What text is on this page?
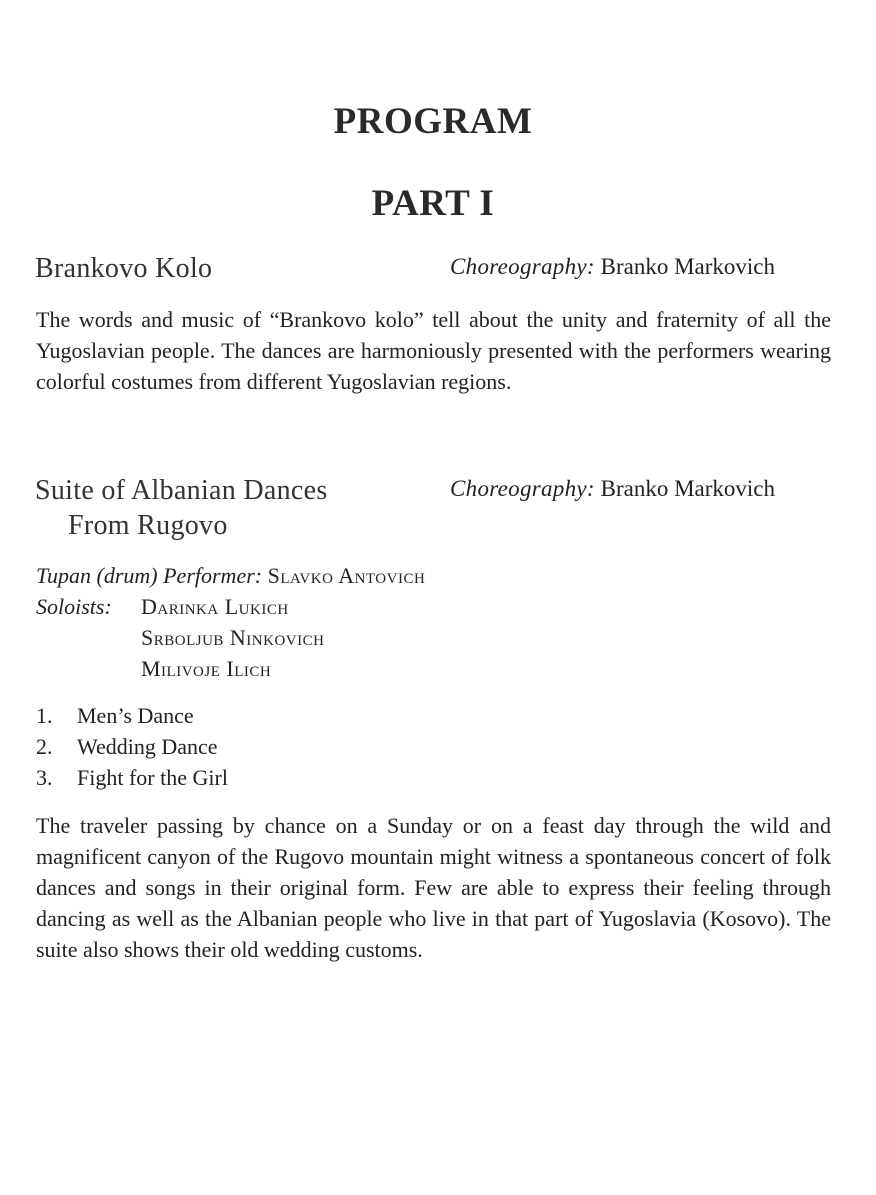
PROGRAM
PART I
Brankovo Kolo	Choreography: Branko Markovich
The words and music of “Brankovo kolo” tell about the unity and fraternity of all the Yugoslavian people. The dances are harmoniously presented with the performers wearing colorful costumes from different Yugoslavian regions.
Suite of Albanian Dances
From Rugovo
Choreography: Branko Markovich
Tupan (drum) Performer: Slavko Antovich
Soloists: Darinka Lukich
Srboljub Ninkovich
Milivoje Ilich
1. Men’s Dance
2. Wedding Dance
3. Fight for the Girl
The traveler passing by chance on a Sunday or on a feast day through the wild and magnificent canyon of the Rugovo mountain might witness a spontaneous concert of folk dances and songs in their original form. Few are able to express their feeling through dancing as well as the Albanian people who live in that part of Yugoslavia (Kosovo). The suite also shows their old wedding customs.
